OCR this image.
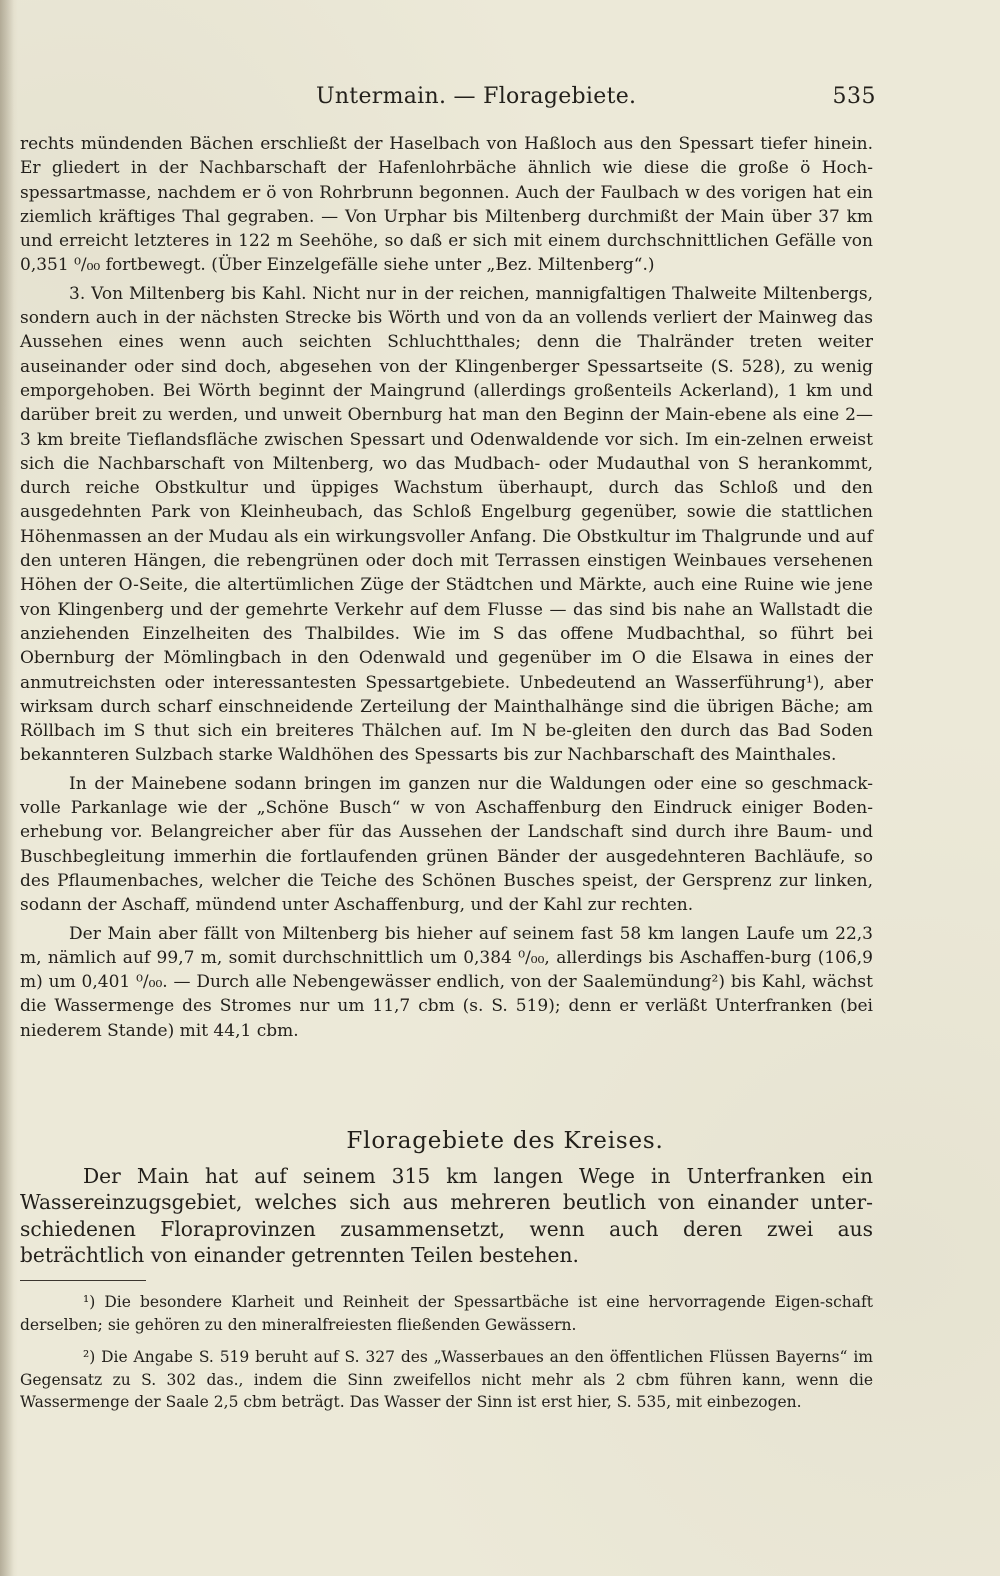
Untermain. — Floragebiete.	535

rechts mündenden Bächen erschließt der Haselbach von Haßloch aus den Spessart tiefer hinein. Er gliedert in der Nachbarschaft der Hafenlohrbäche ähnlich wie diese die große ö Hoch-spessartmasse, nachdem er ö von Rohrbrunn begonnen. Auch der Faulbach w des vorigen hat ein ziemlich kräftiges Thal gegraben. — Von Urphar bis Miltenberg durchmißt der Main über 37 km und erreicht letzteres in 122 m Seehöhe, so daß er sich mit einem durchschnittlichen Gefälle von 0,351 ⁰/₀₀ fortbewegt. (Über Einzelgefälle siehe unter „Bez. Miltenberg“.)

3. Von Miltenberg bis Kahl. Nicht nur in der reichen, mannigfaltigen Thalweite Miltenbergs, sondern auch in der nächsten Strecke bis Wörth und von da an vollends verliert der Mainweg das Aussehen eines wenn auch seichten Schluchtthales; denn die Thalränder treten weiter auseinander oder sind doch, abgesehen von der Klingenberger Spessartseite (S. 528), zu wenig emporgehoben. Bei Wörth beginnt der Maingrund (allerdings großenteils Ackerland), 1 km und darüber breit zu werden, und unweit Obernburg hat man den Beginn der Main-ebene als eine 2—3 km breite Tieflandsfläche zwischen Spessart und Odenwaldende vor sich. Im ein-zelnen erweist sich die Nachbarschaft von Miltenberg, wo das Mudbach- oder Mudauthal von S herankommt, durch reiche Obstkultur und üppiges Wachstum überhaupt, durch das Schloß und den ausgedehnten Park von Kleinheubach, das Schloß Engelburg gegenüber, sowie die stattlichen Höhenmassen an der Mudau als ein wirkungsvoller Anfang. Die Obstkultur im Thalgrunde und auf den unteren Hängen, die rebengrünen oder doch mit Terrassen einstigen Weinbaues versehenen Höhen der O-Seite, die altertümlichen Züge der Städtchen und Märkte, auch eine Ruine wie jene von Klingenberg und der gemehrte Verkehr auf dem Flusse — das sind bis nahe an Wallstadt die anziehenden Einzelheiten des Thalbildes. Wie im S das offene Mudbachthal, so führt bei Obernburg der Mömlingbach in den Odenwald und gegenüber im O die Elsawa in eines der anmutreichsten oder interessantesten Spessartgebiete. Unbedeutend an Wasserführung¹), aber wirksam durch scharf einschneidende Zerteilung der Mainthalhänge sind die übrigen Bäche; am Röllbach im S thut sich ein breiteres Thälchen auf. Im N be-gleiten den durch das Bad Soden bekannteren Sulzbach starke Waldhöhen des Spessarts bis zur Nachbarschaft des Mainthales.

In der Mainebene sodann bringen im ganzen nur die Waldungen oder eine so geschmack-volle Parkanlage wie der „Schöne Busch“ w von Aschaffenburg den Eindruck einiger Boden-erhebung vor. Belangreicher aber für das Aussehen der Landschaft sind durch ihre Baum- und Buschbegleitung immerhin die fortlaufenden grünen Bänder der ausgedehnteren Bachläufe, so des Pflaumenbaches, welcher die Teiche des Schönen Busches speist, der Gersprenz zur linken, sodann der Aschaff, mündend unter Aschaffenburg, und der Kahl zur rechten.

Der Main aber fällt von Miltenberg bis hieher auf seinem fast 58 km langen Laufe um 22,3 m, nämlich auf 99,7 m, somit durchschnittlich um 0,384 ⁰/₀₀, allerdings bis Aschaffen-burg (106,9 m) um 0,401 ⁰/₀₀. — Durch alle Nebengewässer endlich, von der Saalemündung²) bis Kahl, wächst die Wassermenge des Stromes nur um 11,7 cbm (s. S. 519); denn er verläßt Unterfranken (bei niederem Stande) mit 44,1 cbm.

Floragebiete des Kreises.
Der Main hat auf seinem 315 km langen Wege in Unterfranken ein Wassereinzugsgebiet, welches sich aus mehreren beutlich von einander unter-schiedenen Floraprovinzen zusammensetzt, wenn auch deren zwei aus beträchtlich von einander getrennten Teilen bestehen.

¹) Die besondere Klarheit und Reinheit der Spessartbäche ist eine hervorragende Eigen-schaft derselben; sie gehören zu den mineralfreiesten fließenden Gewässern.

²) Die Angabe S. 519 beruht auf S. 327 des „Wasserbaues an den öffentlichen Flüssen Bayerns“ im Gegensatz zu S. 302 das., indem die Sinn zweifellos nicht mehr als 2 cbm führen kann, wenn die Wassermenge der Saale 2,5 cbm beträgt. Das Wasser der Sinn ist erst hier, S. 535, mit einbezogen.
